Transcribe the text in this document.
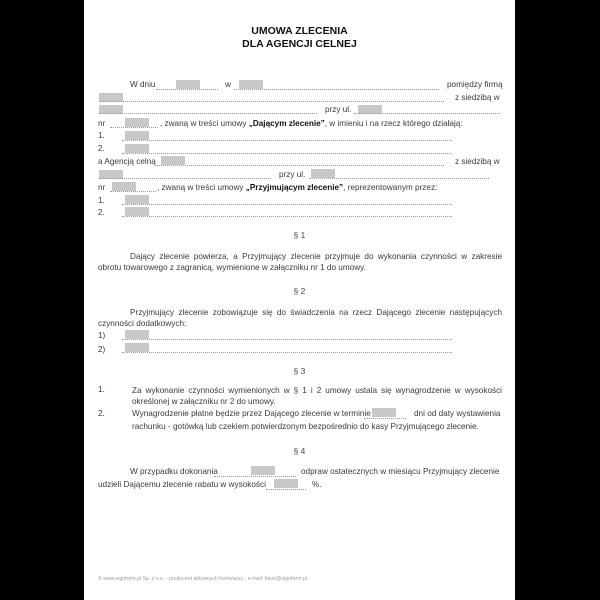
UMOWA ZLECENIA
DLA AGENCJI CELNEJ
W dniu	w	pomiędzy firmą
z siedzibą w
przy ul.
nr	, zwaną w treści umowy „Dającym zlecenie”, w imieniu i na rzecz którego działają:
1.
2.
a Agencją celną	z siedzibą w
przy ul.
nr	, zwaną w treści umowy „Przyjmującym zlecenie”, reprezentowanym przez:
1.
2.
§ 1
Dający zlecenie powierza, a Przyjmujący zlecenie przyjmuje do wykonania czynności w zakresie obrotu towarowego z zagranicą, wymienione w załączniku nr 1 do umowy.
§ 2
Przyjmujący zlecenie zobowiązuje się do świadczenia na rzecz Dającego zlecenie następujących czynności dodatkowych:
1)
2)
§ 3
1.	Za wykonanie czynności wymienionych w § 1 i 2 umowy ustala się wynagrodzenie w wysokości określonej w załączniku nr 2 do umowy.
2.	Wynagrodzenie płatne będzie przez Dającego zlecenie w terminie	dni od daty wystawienia
rachunku - gotówką lub czekiem potwierdzonym bezpośrednio do kasy Przyjmującego zlecenie.
§ 4
W przypadku dokonania	odpraw ostatecznych w miesiącu Przyjmujący zlecenie
udzieli Dającemu zlecenie rabatu w wysokości	%.
© www.signform.pl Sp. z o.o. - producent aktywnych formularzy , e-mail: biuro@signform.pl
